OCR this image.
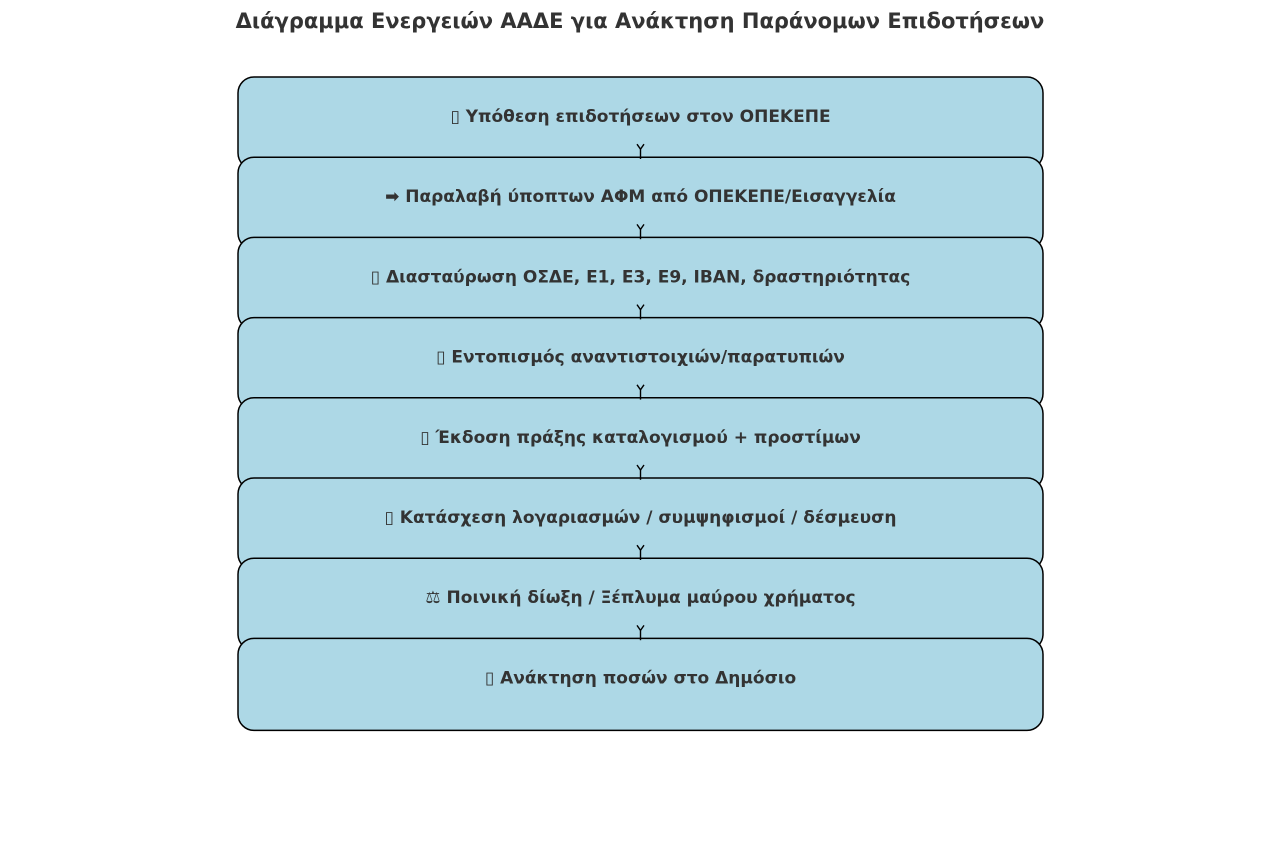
Διάγραμμα Ενεργειών ΑΑΔΕ για Ανάκτηση Παράνομων Επιδοτήσεων
▯ Υπόθεση επιδοτήσεων στον ΟΠΕΚΕΠΕ
➡ Παραλαβή ύποπτων ΑΦΜ από ΟΠΕΚΕΠΕ/Εισαγγελία
▯ Διασταύρωση ΟΣΔΕ, Ε1, Ε3, Ε9, IBAN, δραστηριότητας
▯ Εντοπισμός αναντιστοιχιών/παρατυπιών
▯ Έκδοση πράξης καταλογισμού + προστίμων
▯ Κατάσχεση λογαριασμών / συμψηφισμοί / δέσμευση
⚖ Ποινική δίωξη / Ξέπλυμα μαύρου χρήματος
▯ Ανάκτηση ποσών στο Δημόσιο
